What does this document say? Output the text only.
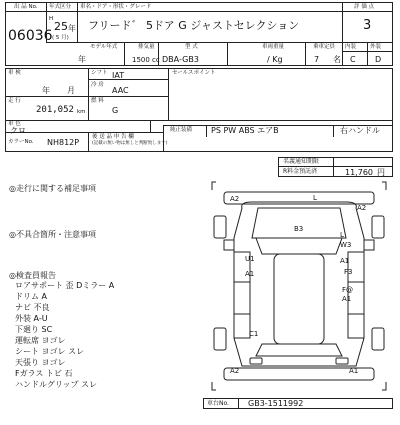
出 品 No.
06036
年式区分
H
25 年
( 5 月)
車名・ドア・形状・グレード
フリード゛ 5ドア G ジャストセレクション
評 価 点
3
モデル年式
年
排気量
1500 cc
型 式
DBA-GB3
車両重量
/ Kg
乗車定員
7 名
内装	外装
C D
車 検
年 月
シフト IAT
冷 房
AAC
走 行
201,052 km
燃 料
G
セールスポイント
車 色
クロ	純正装備 PS PW ABS エアB	右ハンドル
カラーNo. NH812P
後 送 品 申 告 欄
(記載の無い物は無しと判断致します)
名義通知期限
R料金預託済	11,760 円
◎走行に関する補足事項
◎不具合箇所・注意事項
◎検査員報告
ロアサポート 歪 Dミラー A
ドリム A
ナビ 不良
外装 A-U
下廻り SC
運転席 ヨゴレ
シート ヨゴレ スレ
天張り ヨゴレ
Fガラス トビ 石
ハンドルグリップ スレ
A2	L
A2
B3
L
W3
U1
F3
A1
A1
F@
A1
C1
A2	A1
車台No. GB3-1511992
